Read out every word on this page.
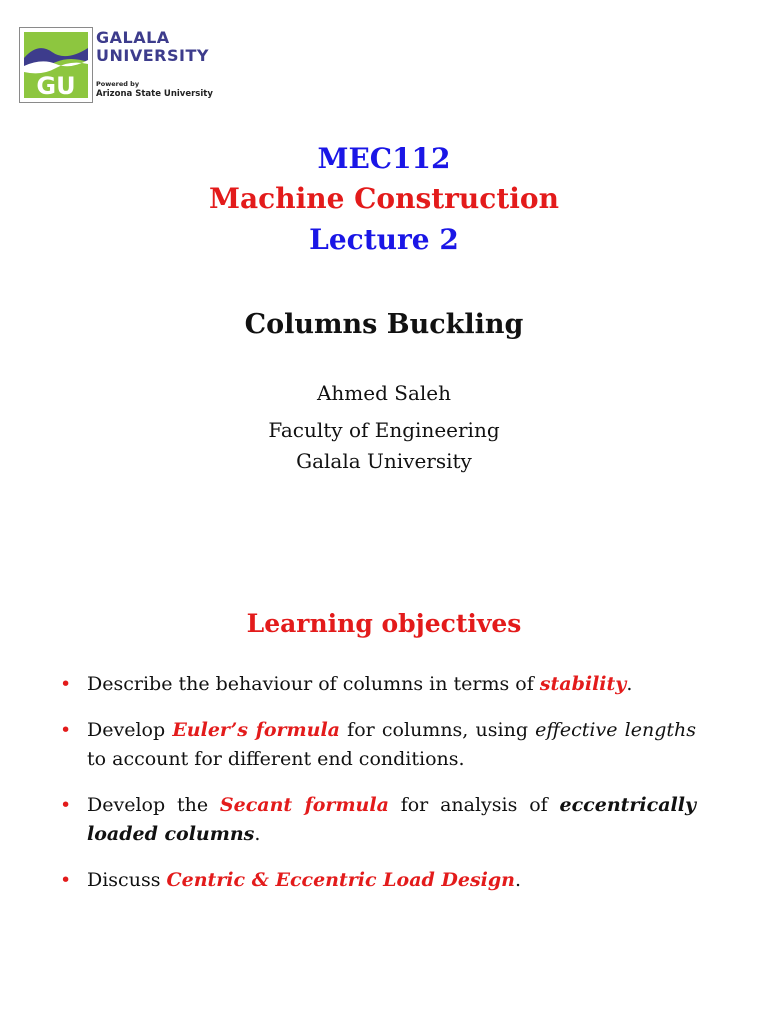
GU
GALALA
UNIVERSITY
Powered by
Arizona State University
MEC112
Machine Construction
Lecture 2
Columns Buckling
Ahmed Saleh
Faculty of Engineering
Galala University
Learning objectives
• Describe the behaviour of columns in terms of stability.
• Develop Euler’s formula for columns, using effective lengths to account for different end conditions.
• Develop the Secant formula for analysis of eccentrically loaded columns.
• Discuss Centric & Eccentric Load Design.
